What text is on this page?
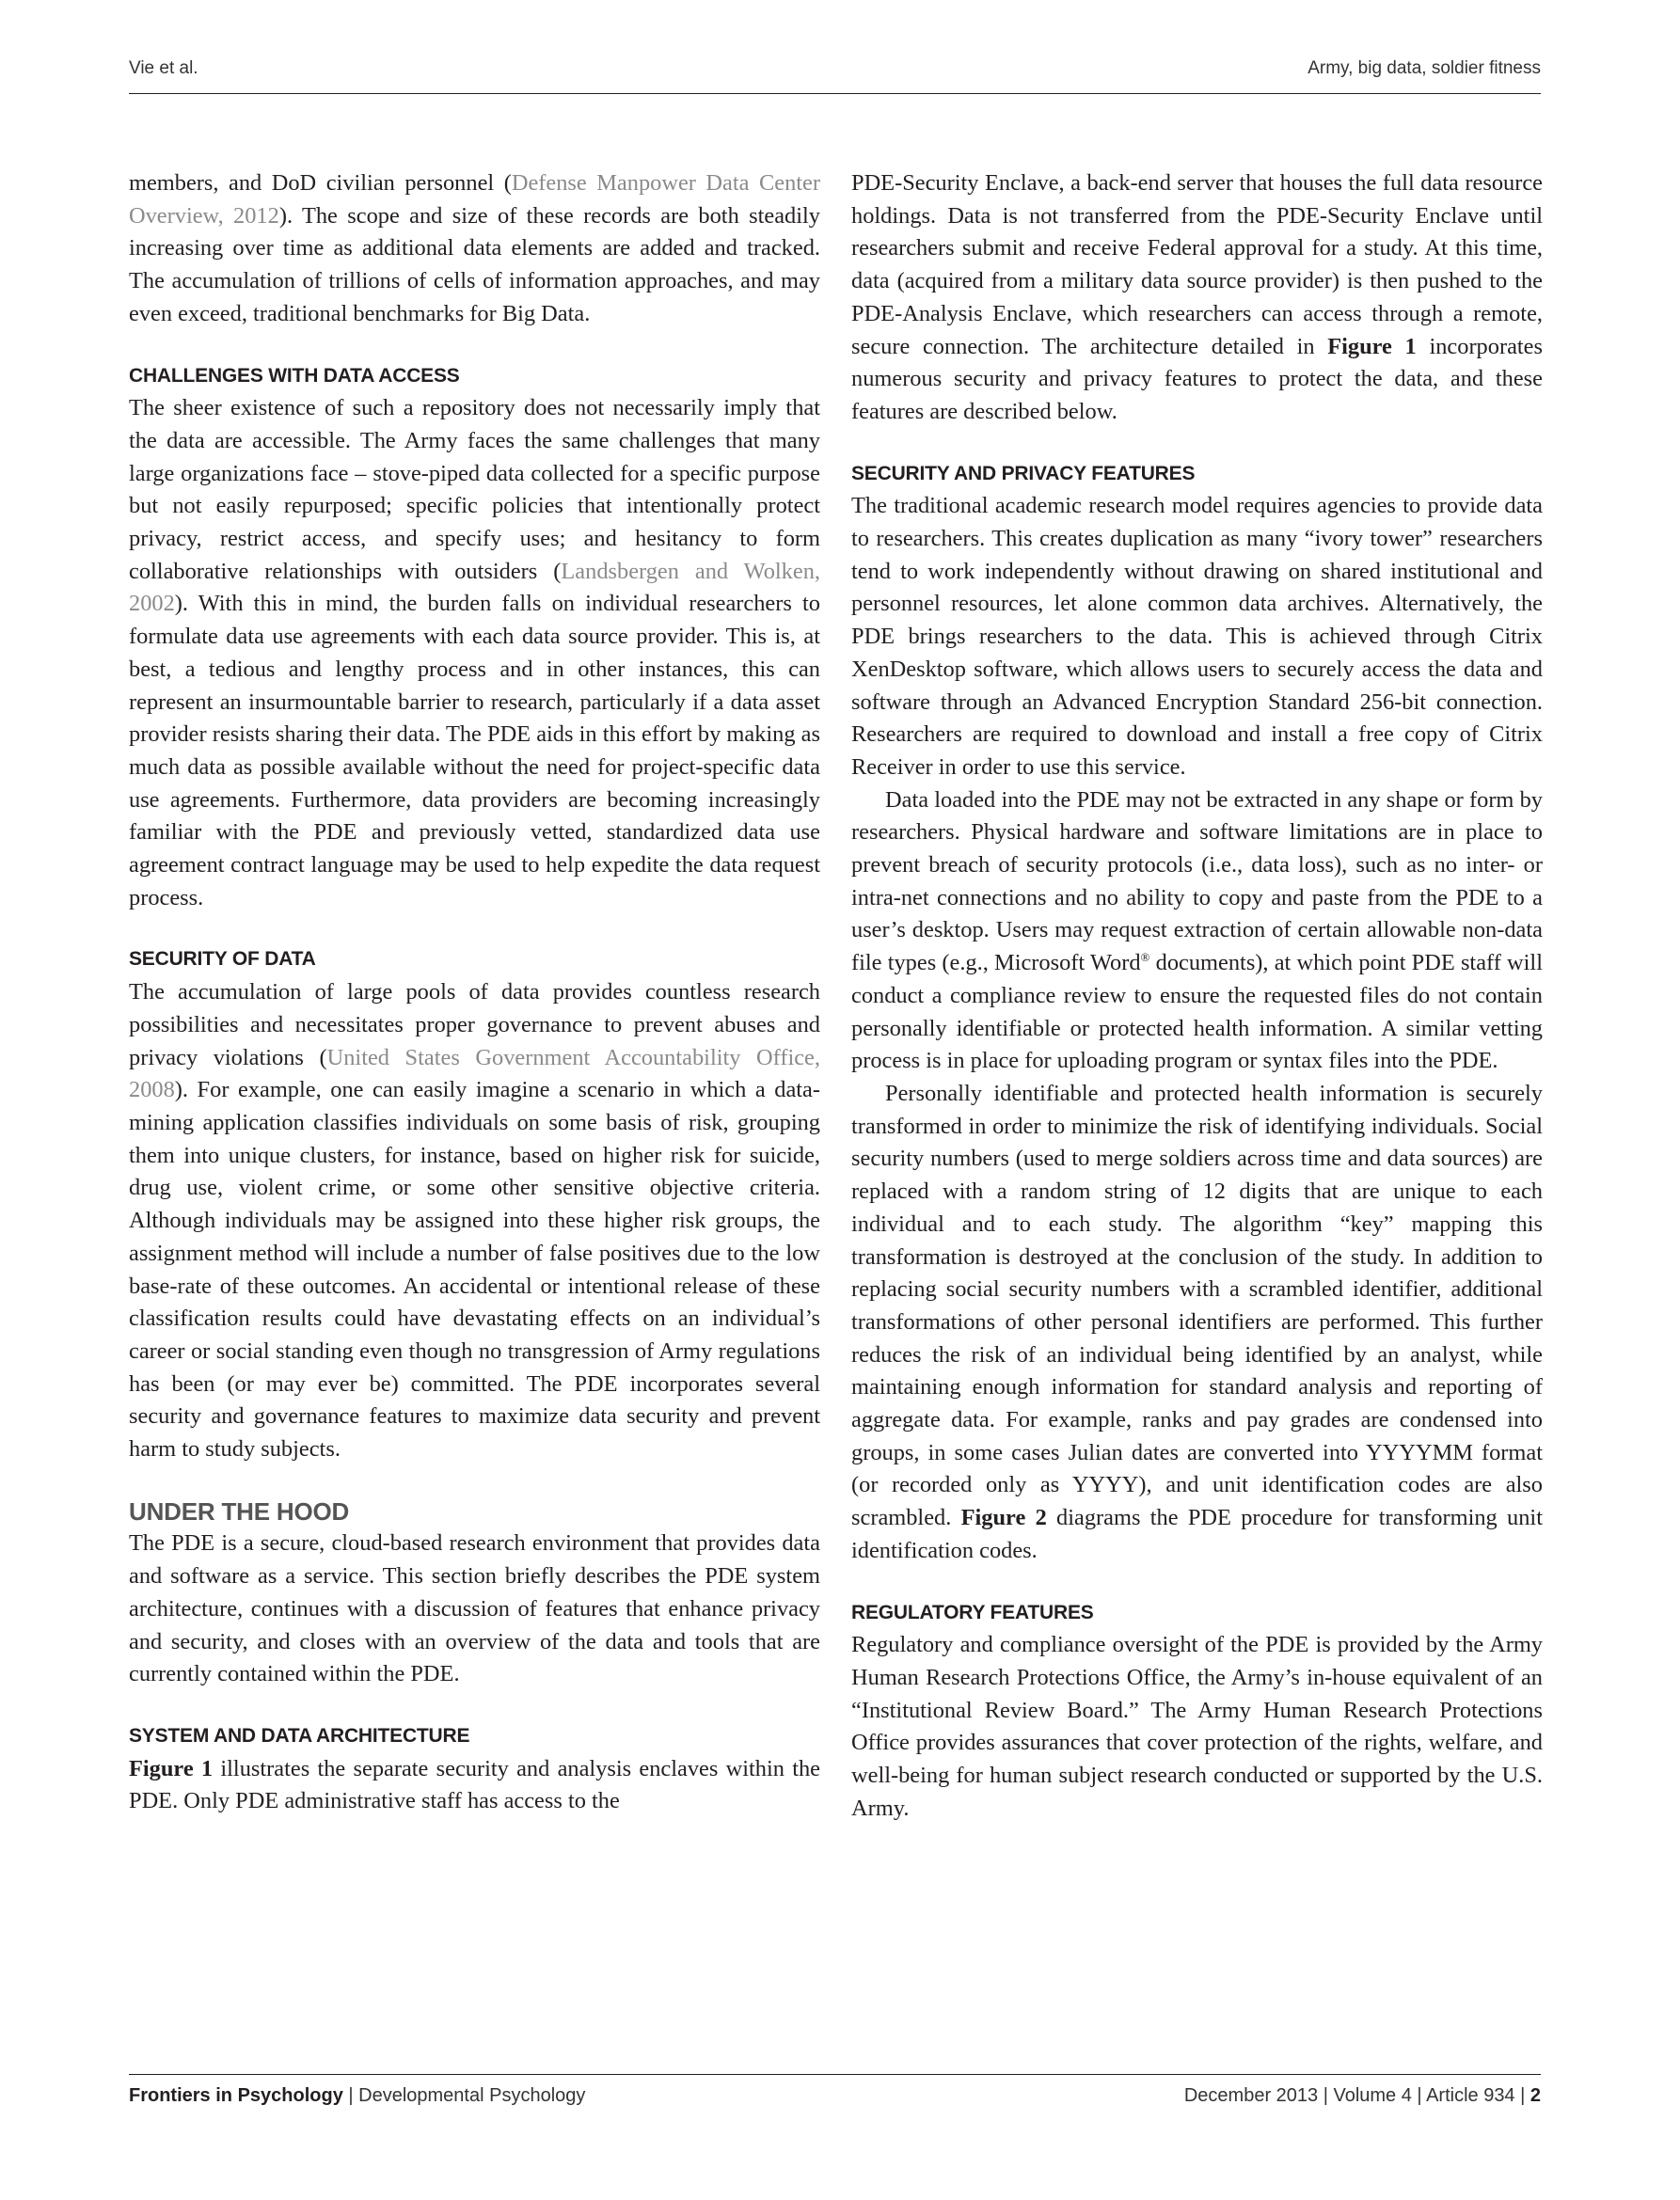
Vie et al.	Army, big data, soldier fitness

members, and DoD civilian personnel (Defense Manpower Data Center Overview, 2012). The scope and size of these records are both steadily increasing over time as additional data elements are added and tracked. The accumulation of trillions of cells of information approaches, and may even exceed, traditional benchmarks for Big Data.

CHALLENGES WITH DATA ACCESS

The sheer existence of such a repository does not necessarily imply that the data are accessible. The Army faces the same challenges that many large organizations face – stove-piped data collected for a specific purpose but not easily repurposed; specific policies that intentionally protect privacy, restrict access, and specify uses; and hesitancy to form collaborative relationships with outsiders (Landsbergen and Wolken, 2002). With this in mind, the burden falls on individual researchers to formulate data use agreements with each data source provider. This is, at best, a tedious and lengthy process and in other instances, this can represent an insurmountable barrier to research, particularly if a data asset provider resists sharing their data. The PDE aids in this effort by making as much data as possible available without the need for project-specific data use agreements. Furthermore, data providers are becoming increasingly familiar with the PDE and previously vetted, standardized data use agreement contract language may be used to help expedite the data request process.

SECURITY OF DATA

The accumulation of large pools of data provides countless research possibilities and necessitates proper governance to prevent abuses and privacy violations (United States Government Accountability Office, 2008). For example, one can easily imagine a scenario in which a data-mining application classifies individuals on some basis of risk, grouping them into unique clusters, for instance, based on higher risk for suicide, drug use, violent crime, or some other sensitive objective criteria. Although individuals may be assigned into these higher risk groups, the assignment method will include a number of false positives due to the low base-rate of these outcomes. An accidental or intentional release of these classification results could have devastating effects on an individual’s career or social standing even though no transgression of Army regulations has been (or may ever be) committed. The PDE incorporates several security and governance features to maximize data security and prevent harm to study subjects.

UNDER THE HOOD

The PDE is a secure, cloud-based research environment that provides data and software as a service. This section briefly describes the PDE system architecture, continues with a discussion of features that enhance privacy and security, and closes with an overview of the data and tools that are currently contained within the PDE.

SYSTEM AND DATA ARCHITECTURE

Figure 1 illustrates the separate security and analysis enclaves within the PDE. Only PDE administrative staff has access to the

PDE-Security Enclave, a back-end server that houses the full data resource holdings. Data is not transferred from the PDE-Security Enclave until researchers submit and receive Federal approval for a study. At this time, data (acquired from a military data source provider) is then pushed to the PDE-Analysis Enclave, which researchers can access through a remote, secure connection. The architecture detailed in Figure 1 incorporates numerous security and privacy features to protect the data, and these features are described below.

SECURITY AND PRIVACY FEATURES

The traditional academic research model requires agencies to provide data to researchers. This creates duplication as many “ivory tower” researchers tend to work independently without drawing on shared institutional and personnel resources, let alone common data archives. Alternatively, the PDE brings researchers to the data. This is achieved through Citrix XenDesktop software, which allows users to securely access the data and software through an Advanced Encryption Standard 256-bit connection. Researchers are required to download and install a free copy of Citrix Receiver in order to use this service.

Data loaded into the PDE may not be extracted in any shape or form by researchers. Physical hardware and software limitations are in place to prevent breach of security protocols (i.e., data loss), such as no inter- or intra-net connections and no ability to copy and paste from the PDE to a user’s desktop. Users may request extraction of certain allowable non-data file types (e.g., Microsoft Word® documents), at which point PDE staff will conduct a compliance review to ensure the requested files do not contain personally identifiable or protected health information. A similar vetting process is in place for uploading program or syntax files into the PDE.

Personally identifiable and protected health information is securely transformed in order to minimize the risk of identifying individuals. Social security numbers (used to merge soldiers across time and data sources) are replaced with a random string of 12 digits that are unique to each individual and to each study. The algorithm “key” mapping this transformation is destroyed at the conclusion of the study. In addition to replacing social security numbers with a scrambled identifier, additional transformations of other personal identifiers are performed. This further reduces the risk of an individual being identified by an analyst, while maintaining enough information for standard analysis and reporting of aggregate data. For example, ranks and pay grades are condensed into groups, in some cases Julian dates are converted into YYYYMM format (or recorded only as YYYY), and unit identification codes are also scrambled. Figure 2 diagrams the PDE procedure for transforming unit identification codes.

REGULATORY FEATURES

Regulatory and compliance oversight of the PDE is provided by the Army Human Research Protections Office, the Army’s in-house equivalent of an “Institutional Review Board.” The Army Human Research Protections Office provides assurances that cover protection of the rights, welfare, and well-being for human subject research conducted or supported by the U.S. Army.

Frontiers in Psychology | Developmental Psychology	December 2013 | Volume 4 | Article 934 | 2
